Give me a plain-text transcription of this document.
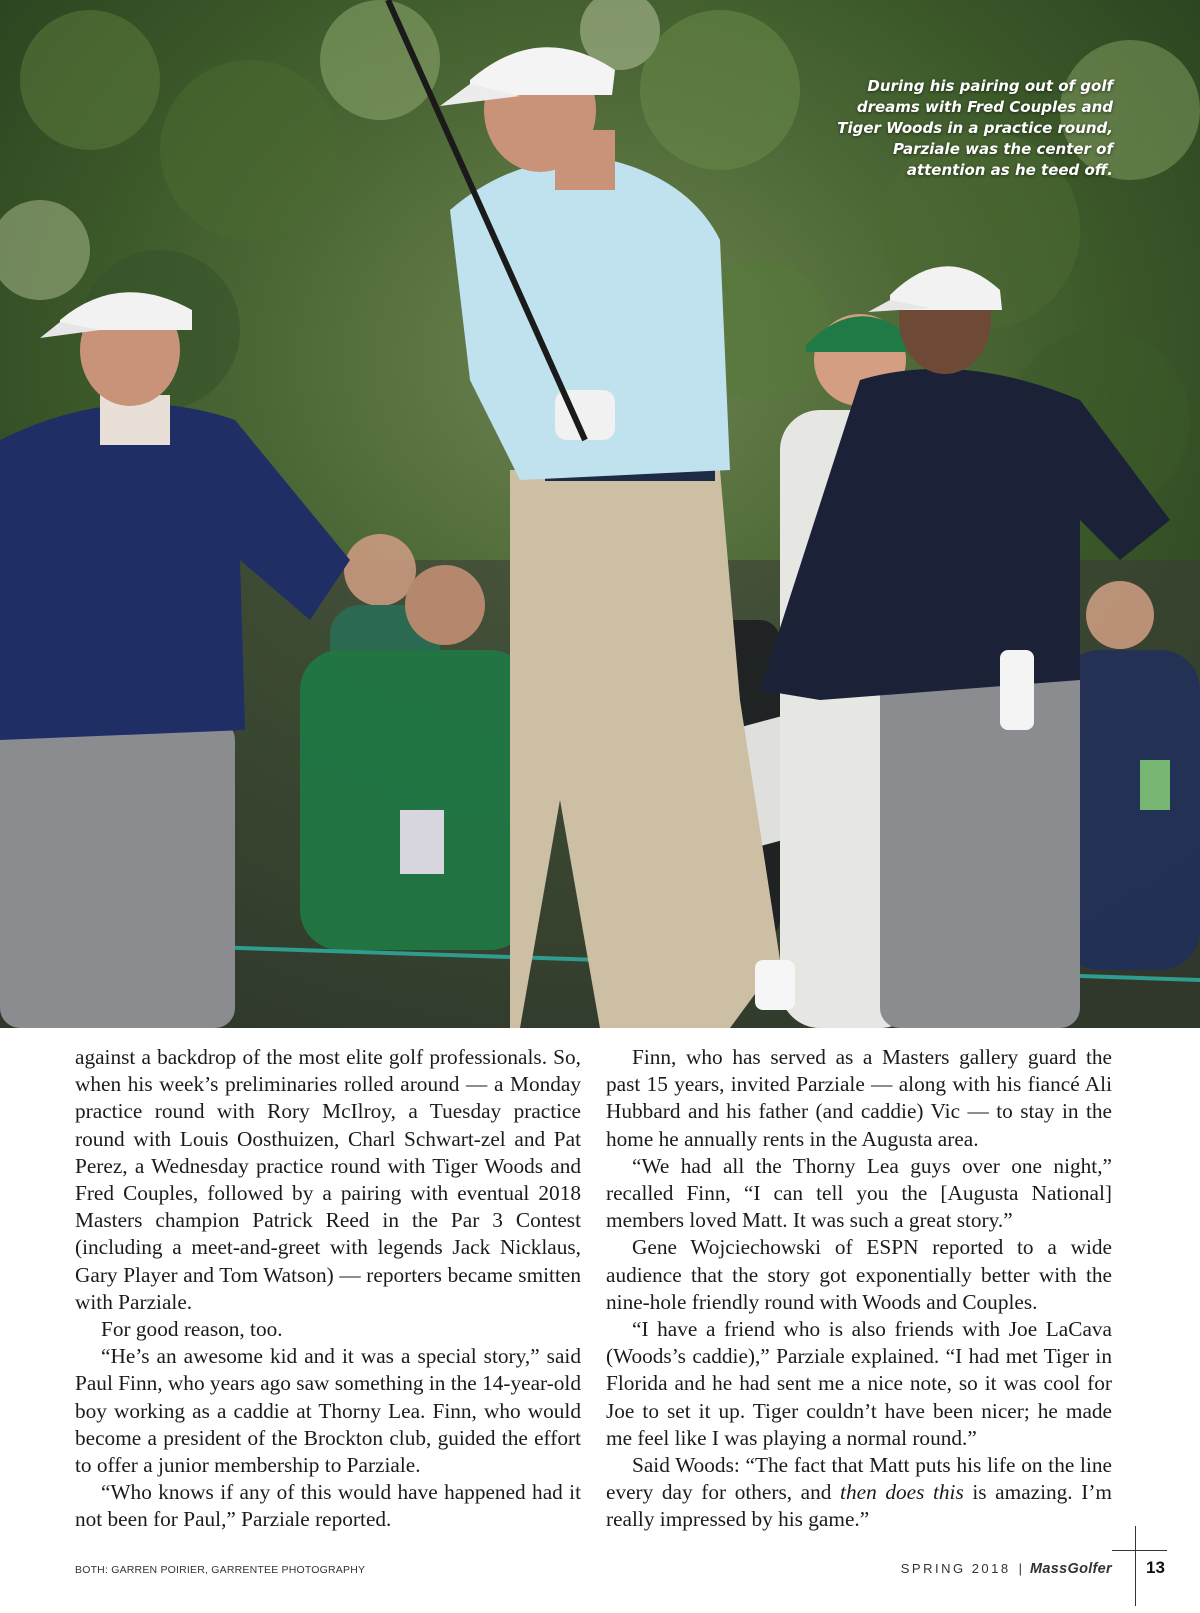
During his pairing out of golf dreams with Fred Couples and Tiger Woods in a practice round, Parziale was the center of attention as he teed off.

against a backdrop of the most elite golf professionals. So, when his week’s preliminaries rolled around — a Monday practice round with Rory McIlroy, a Tuesday practice round with Louis Oosthuizen, Charl Schwart-zel and Pat Perez, a Wednesday practice round with Tiger Woods and Fred Couples, followed by a pairing with eventual 2018 Masters champion Patrick Reed in the Par 3 Contest (including a meet-and-greet with legends Jack Nicklaus, Gary Player and Tom Watson) — reporters became smitten with Parziale.

For good reason, too.

“He’s an awesome kid and it was a special story,” said Paul Finn, who years ago saw something in the 14-year-old boy working as a caddie at Thorny Lea. Finn, who would become a president of the Brockton club, guided the effort to offer a junior membership to Parziale.

“Who knows if any of this would have happened had it not been for Paul,” Parziale reported.

Finn, who has served as a Masters gallery guard the past 15 years, invited Parziale — along with his fiancé Ali Hubbard and his father (and caddie) Vic — to stay in the home he annually rents in the Augusta area.

“We had all the Thorny Lea guys over one night,” recalled Finn, “I can tell you the [Augusta National] members loved Matt. It was such a great story.”

Gene Wojciechowski of ESPN reported to a wide audience that the story got exponentially better with the nine-hole friendly round with Woods and Couples.

“I have a friend who is also friends with Joe LaCava (Woods’s caddie),” Parziale explained. “I had met Tiger in Florida and he had sent me a nice note, so it was cool for Joe to set it up. Tiger couldn’t have been nicer; he made me feel like I was playing a normal round.”

Said Woods: “The fact that Matt puts his life on the line every day for others, and then does this is amazing. I’m really impressed by his game.”

BOTH: GARREN POIRIER, GARRENTEE PHOTOGRAPHY	SPRING 2018 | MassGolfer 13
